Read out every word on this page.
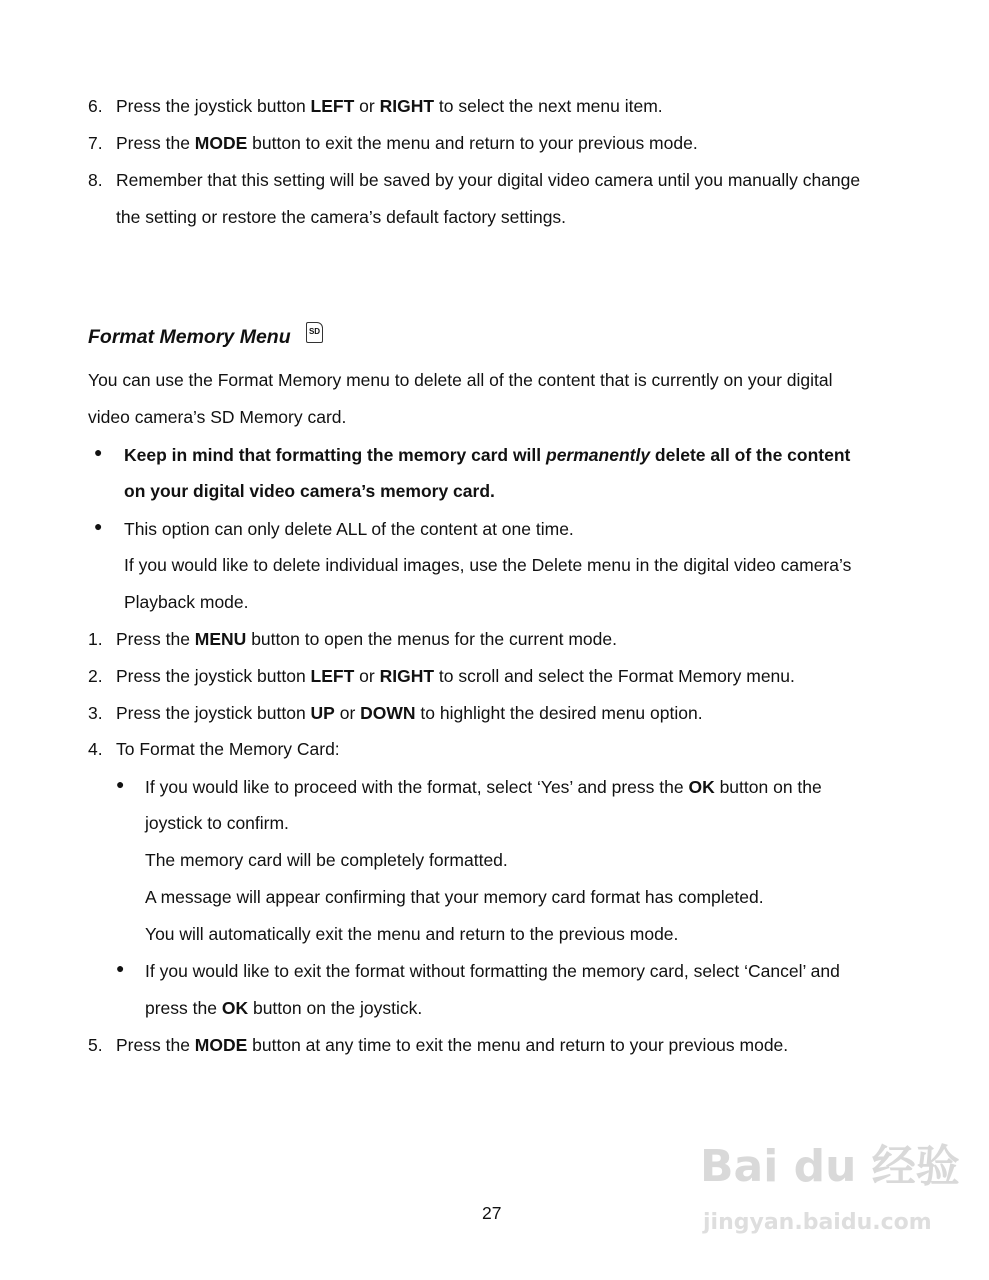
6. Press the joystick button LEFT or RIGHT to select the next menu item.
7. Press the MODE button to exit the menu and return to your previous mode.
8. Remember that this setting will be saved by your digital video camera until you manually change
the setting or restore the camera’s default factory settings.
Format Memory Menu	SD
You can use the Format Memory menu to delete all of the content that is currently on your digital
video camera’s SD Memory card.
● Keep in mind that formatting the memory card will permanently delete all of the content
on your digital video camera’s memory card.
● This option can only delete ALL of the content at one time.
If you would like to delete individual images, use the Delete menu in the digital video camera’s
Playback mode.
1. Press the MENU button to open the menus for the current mode.
2. Press the joystick button LEFT or RIGHT to scroll and select the Format Memory menu.
3. Press the joystick button UP or DOWN to highlight the desired menu option.
4. To Format the Memory Card:
● If you would like to proceed with the format, select ‘Yes’ and press the OK button on the
joystick to confirm.
The memory card will be completely formatted.
A message will appear confirming that your memory card format has completed.
You will automatically exit the menu and return to the previous mode.
● If you would like to exit the format without formatting the memory card, select ‘Cancel’ and
press the OK button on the joystick.
5. Press the MODE button at any time to exit the menu and return to your previous mode.
27
Bai du 经验
jingyan.baidu.com
